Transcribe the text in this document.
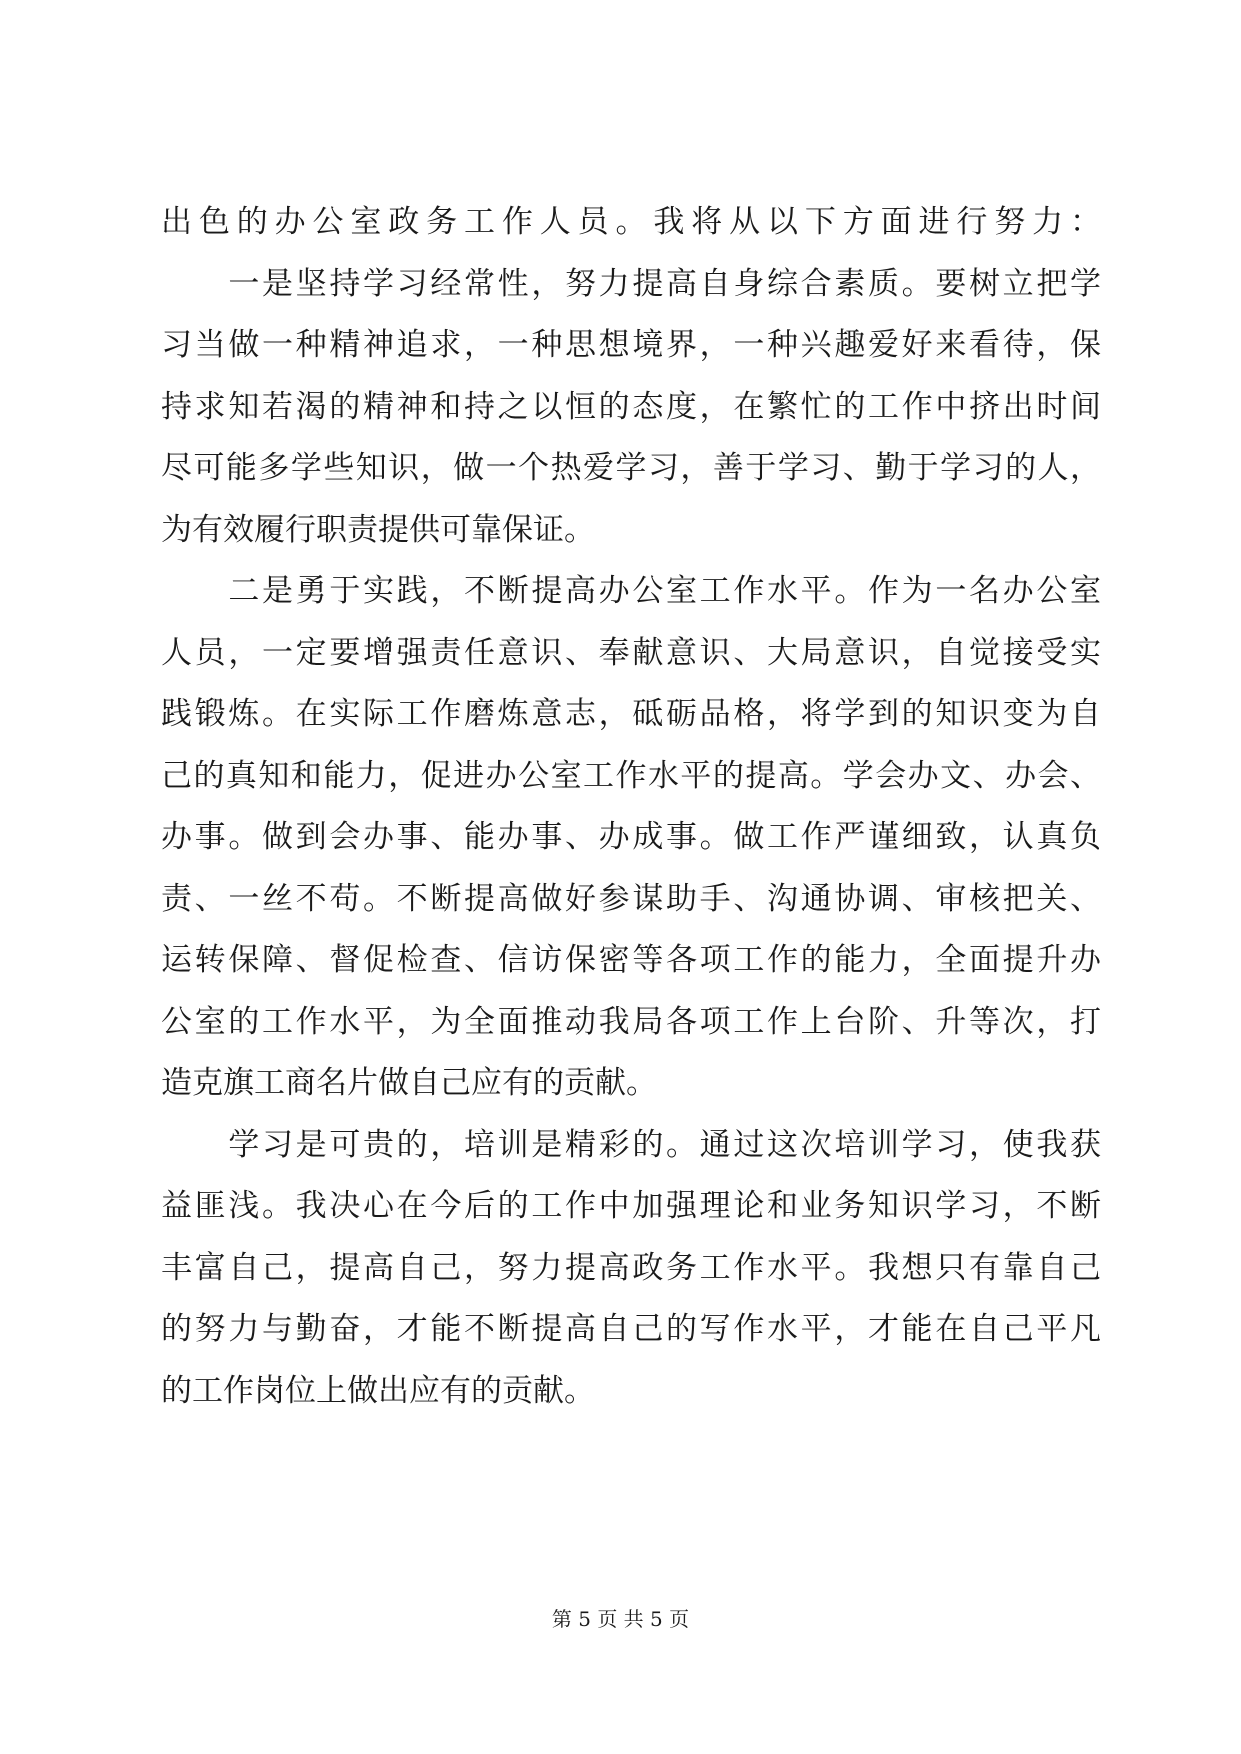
出色的办公室政务工作人员。我将从以下方面进行努力：
　　一是坚持学习经常性，努力提高自身综合素质。要树立把学
习当做一种精神追求，一种思想境界，一种兴趣爱好来看待，保
持求知若渴的精神和持之以恒的态度，在繁忙的工作中挤出时间
尽可能多学些知识，做一个热爱学习，善于学习、勤于学习的人，
为有效履行职责提供可靠保证。
　　二是勇于实践，不断提高办公室工作水平。作为一名办公室
人员，一定要增强责任意识、奉献意识、大局意识，自觉接受实
践锻炼。在实际工作磨炼意志，砥砺品格，将学到的知识变为自
己的真知和能力，促进办公室工作水平的提高。学会办文、办会、
办事。做到会办事、能办事、办成事。做工作严谨细致，认真负
责、一丝不苟。不断提高做好参谋助手、沟通协调、审核把关、
运转保障、督促检查、信访保密等各项工作的能力，全面提升办
公室的工作水平，为全面推动我局各项工作上台阶、升等次，打
造克旗工商名片做自己应有的贡献。
　　学习是可贵的，培训是精彩的。通过这次培训学习，使我获
益匪浅。我决心在今后的工作中加强理论和业务知识学习，不断
丰富自己，提高自己，努力提高政务工作水平。我想只有靠自己
的努力与勤奋，才能不断提高自己的写作水平，才能在自己平凡
的工作岗位上做出应有的贡献。
第 5 页 共 5 页
